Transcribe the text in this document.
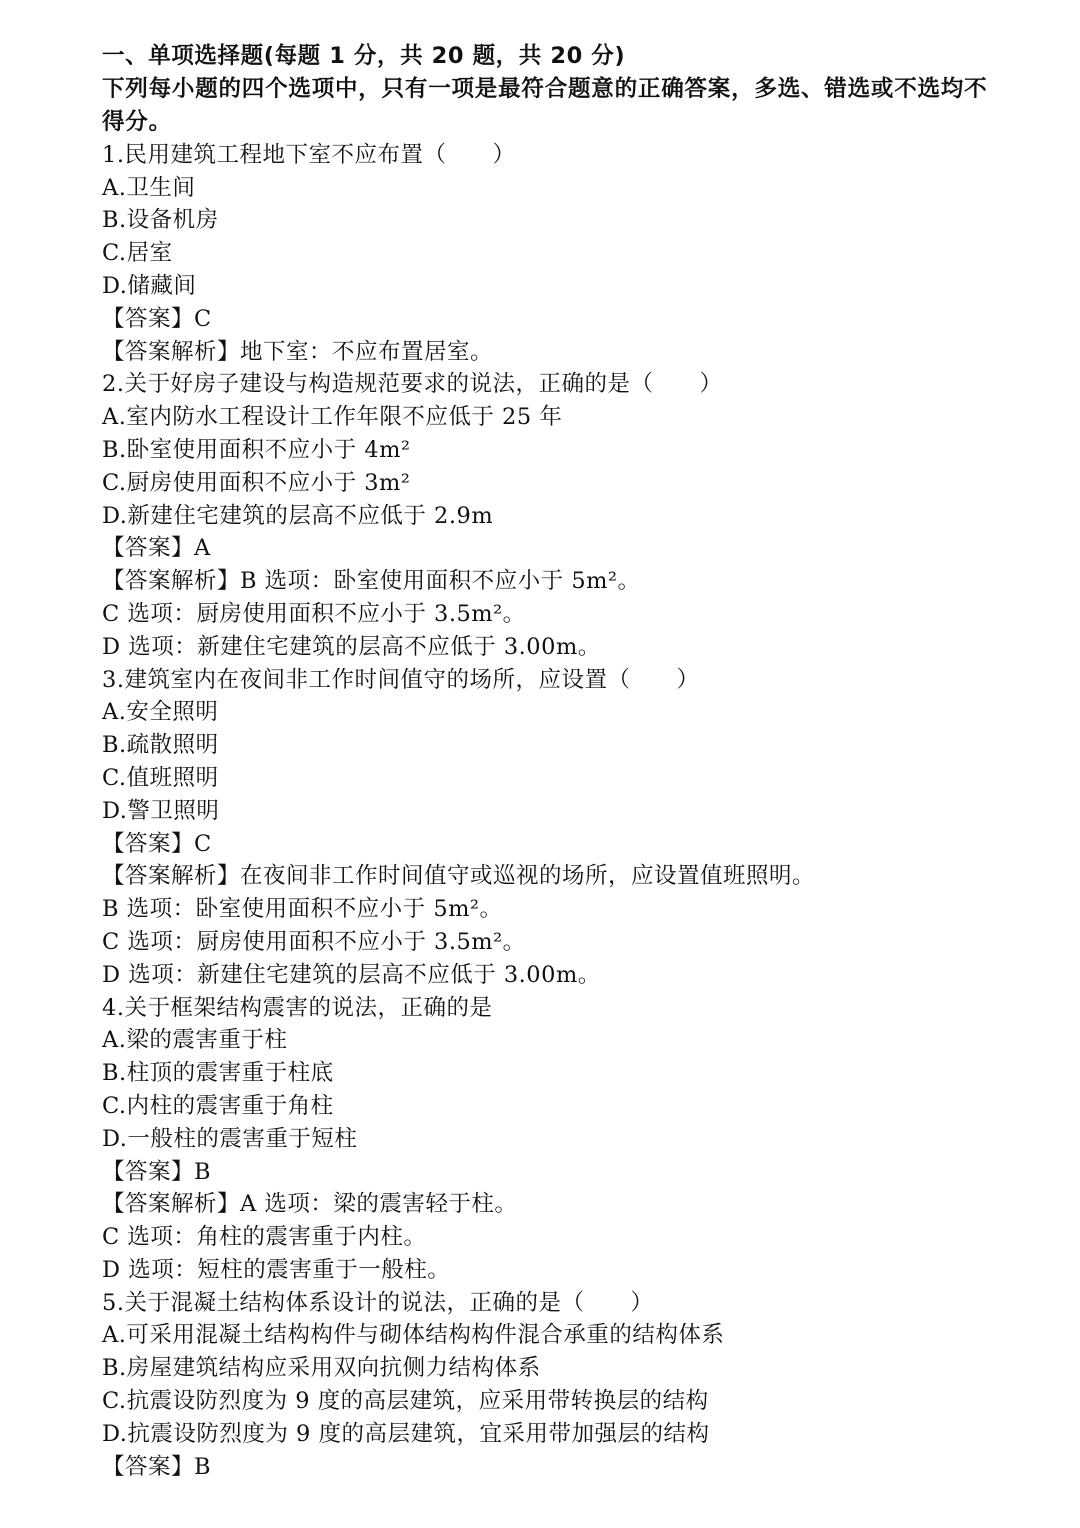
一、单项选择题(每题 1 分，共 20 题，共 20 分)
下列每小题的四个选项中，只有一项是最符合题意的正确答案，多选、错选或不选均不得分。
1.民用建筑工程地下室不应布置（　　）
A.卫生间
B.设备机房
C.居室
D.储藏间
【答案】C
【答案解析】地下室：不应布置居室。
2.关于好房子建设与构造规范要求的说法，正确的是（　　）
A.室内防水工程设计工作年限不应低于 25 年
B.卧室使用面积不应小于 4m²
C.厨房使用面积不应小于 3m²
D.新建住宅建筑的层高不应低于 2.9m
【答案】A
【答案解析】B 选项：卧室使用面积不应小于 5m²。
C 选项：厨房使用面积不应小于 3.5m²。
D 选项：新建住宅建筑的层高不应低于 3.00m。
3.建筑室内在夜间非工作时间值守的场所，应设置（　　）
A.安全照明
B.疏散照明
C.值班照明
D.警卫照明
【答案】C
【答案解析】在夜间非工作时间值守或巡视的场所，应设置值班照明。
B 选项：卧室使用面积不应小于 5m²。
C 选项：厨房使用面积不应小于 3.5m²。
D 选项：新建住宅建筑的层高不应低于 3.00m。
4.关于框架结构震害的说法，正确的是
A.梁的震害重于柱
B.柱顶的震害重于柱底
C.内柱的震害重于角柱
D.一般柱的震害重于短柱
【答案】B
【答案解析】A 选项：梁的震害轻于柱。
C 选项：角柱的震害重于内柱。
D 选项：短柱的震害重于一般柱。
5.关于混凝土结构体系设计的说法，正确的是（　　）
A.可采用混凝土结构构件与砌体结构构件混合承重的结构体系
B.房屋建筑结构应采用双向抗侧力结构体系
C.抗震设防烈度为 9 度的高层建筑，应采用带转换层的结构
D.抗震设防烈度为 9 度的高层建筑，宜采用带加强层的结构
【答案】B
